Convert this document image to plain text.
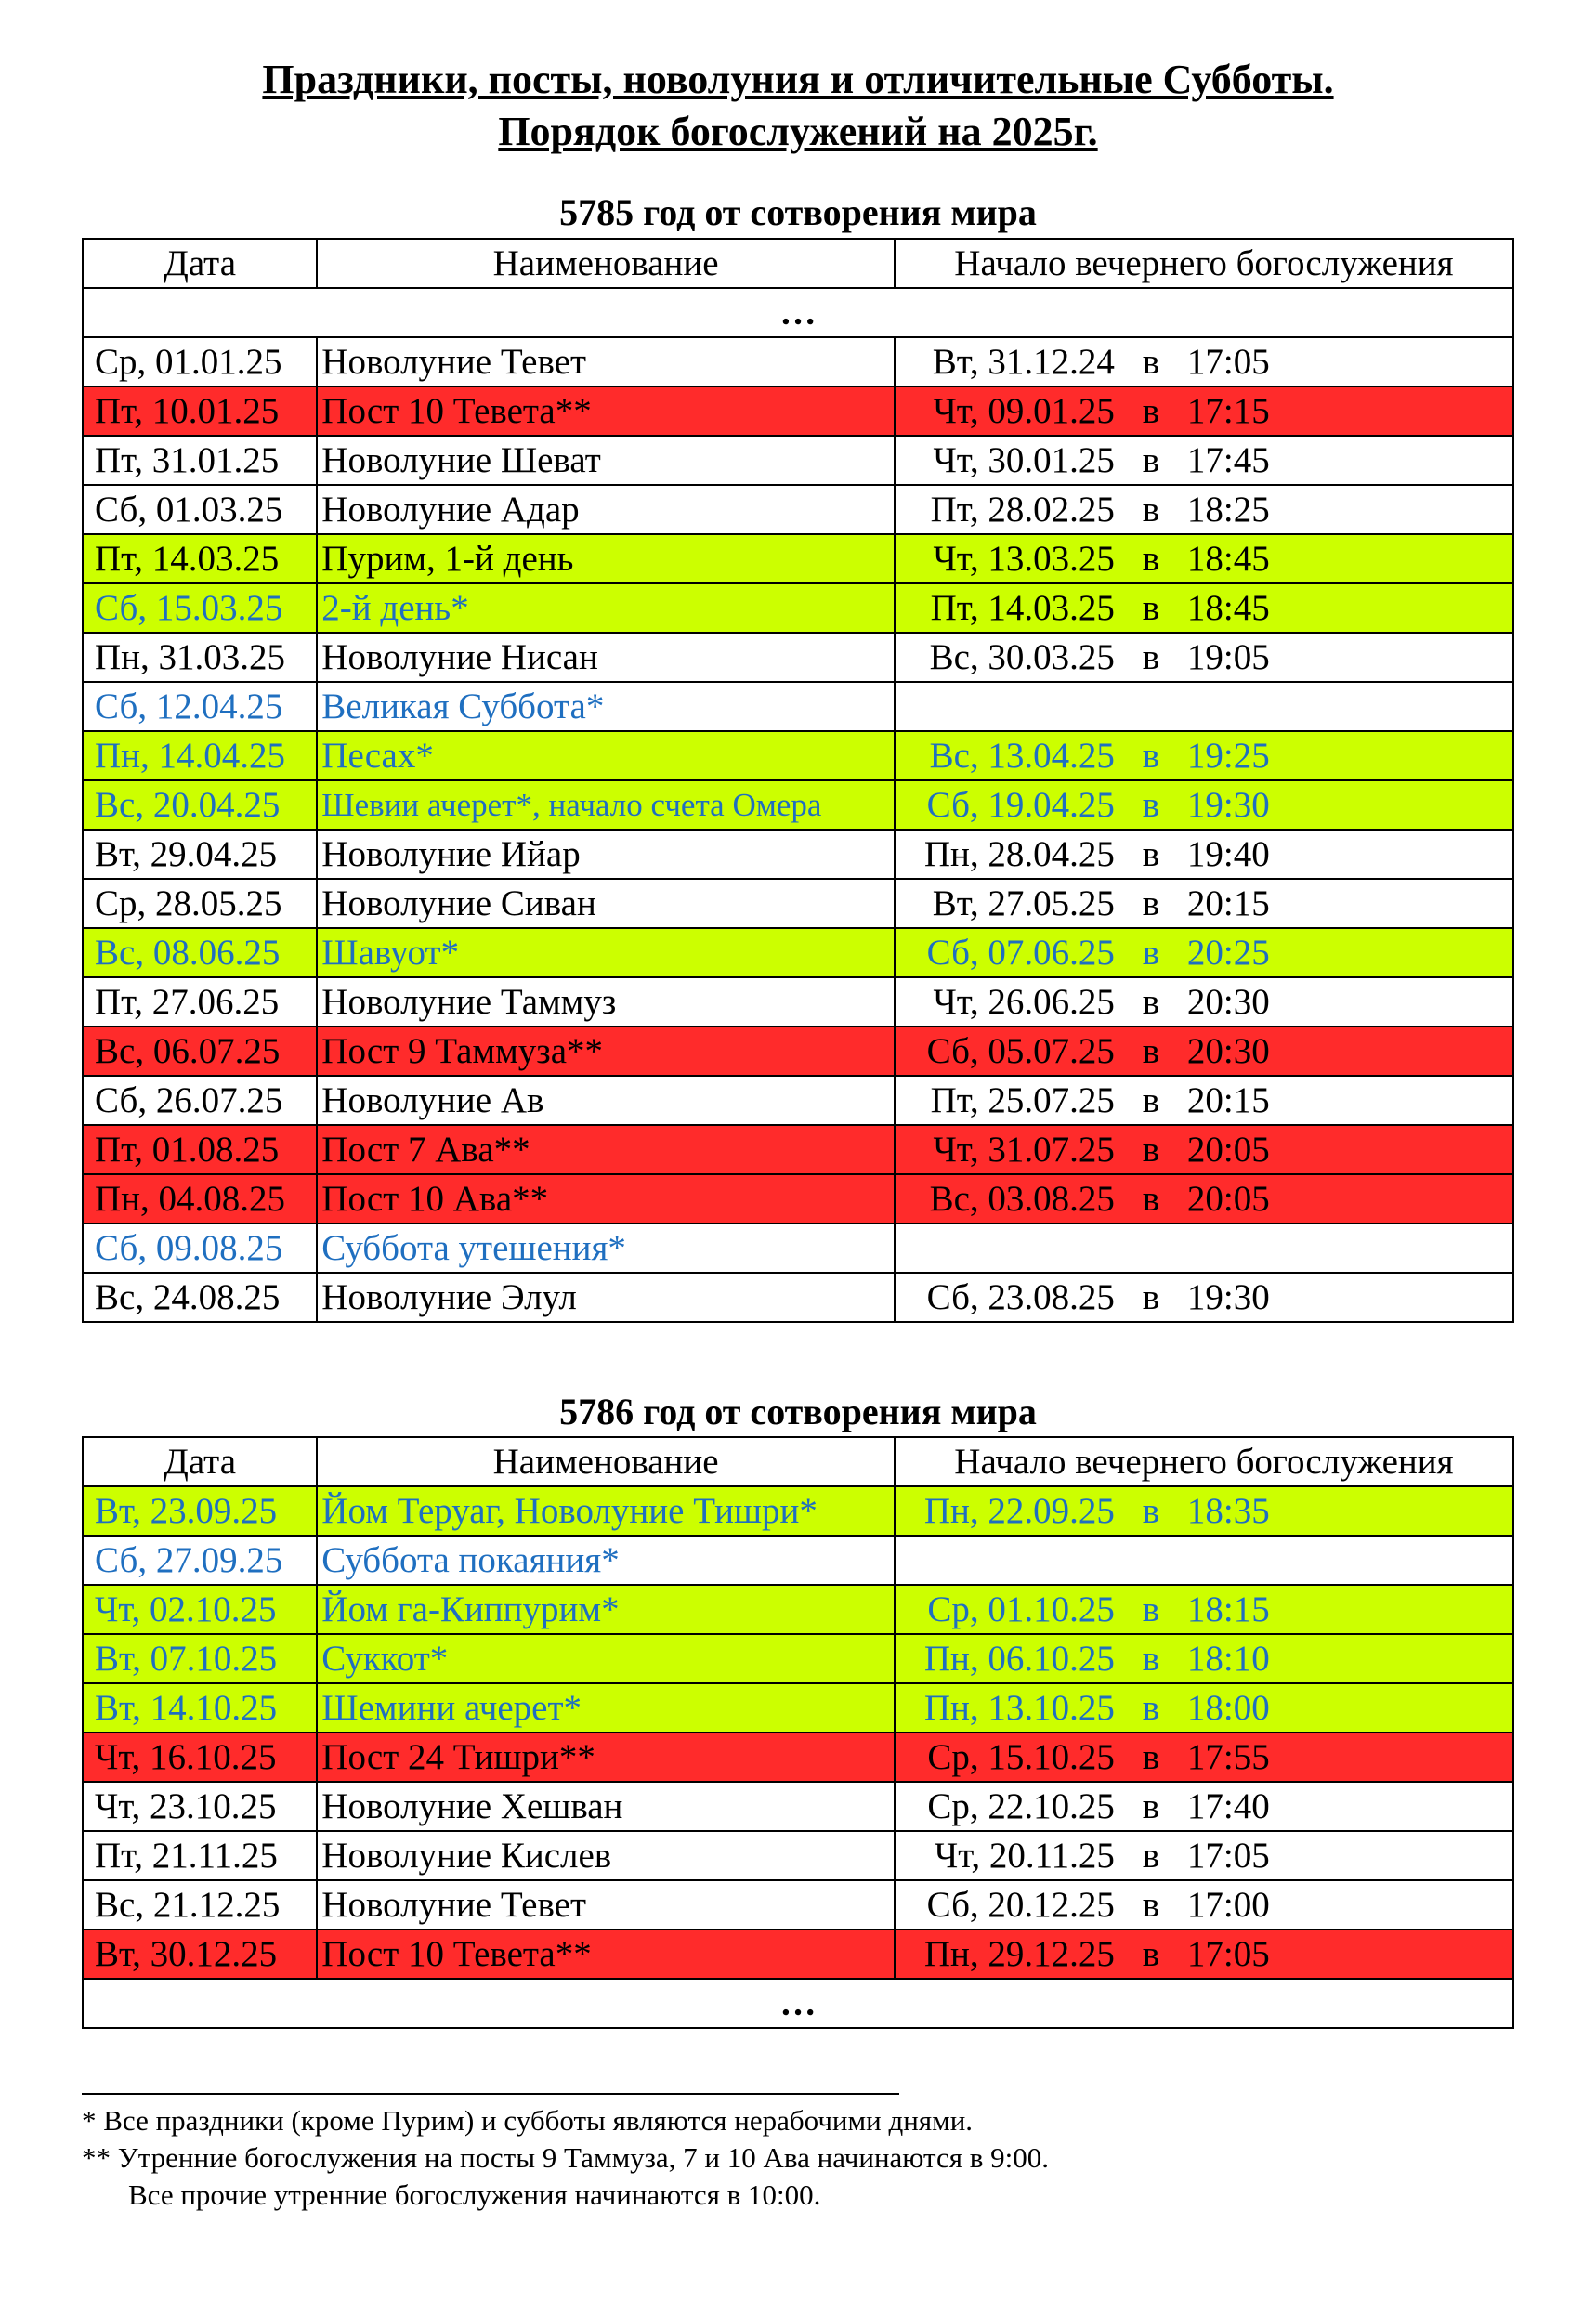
Праздники, посты, новолуния и отличительные Субботы.
Порядок богослужений на 2025г.
5785 год от сотворения мира
Дата	Наименование	Начало вечернего богослужения
…		
Ср, 01.01.25	Новолуние Тевет	Вт, 31.12.24 в 17:05
Пт, 10.01.25	Пост 10 Тевета**	Чт, 09.01.25 в 17:15
Пт, 31.01.25	Новолуние Шеват	Чт, 30.01.25 в 17:45
Сб, 01.03.25	Новолуние Адар	Пт, 28.02.25 в 18:25
Пт, 14.03.25	Пурим, 1-й день	Чт, 13.03.25 в 18:45
Сб, 15.03.25	2-й день*	Пт, 14.03.25 в 18:45
Пн, 31.03.25	Новолуние Нисан	Вс, 30.03.25 в 19:05
Сб, 12.04.25	Великая Суббота*	
Пн, 14.04.25	Песах*	Вс, 13.04.25 в 19:25
Вс, 20.04.25	Шевии ачерет*, начало счета Омера	Сб, 19.04.25 в 19:30
Вт, 29.04.25	Новолуние Ийар	Пн, 28.04.25 в 19:40
Ср, 28.05.25	Новолуние Сиван	Вт, 27.05.25 в 20:15
Вс, 08.06.25	Шавуот*	Сб, 07.06.25 в 20:25
Пт, 27.06.25	Новолуние Таммуз	Чт, 26.06.25 в 20:30
Вс, 06.07.25	Пост 9 Таммуза**	Сб, 05.07.25 в 20:30
Сб, 26.07.25	Новолуние Ав	Пт, 25.07.25 в 20:15
Пт, 01.08.25	Пост 7 Ава**	Чт, 31.07.25 в 20:05
Пн, 04.08.25	Пост 10 Ава**	Вс, 03.08.25 в 20:05
Сб, 09.08.25	Суббота утешения*	
Вс, 24.08.25	Новолуние Элул	Сб, 23.08.25 в 19:30
5786 год от сотворения мира
Дата	Наименование	Начало вечернего богослужения
Вт, 23.09.25	Йом Теруаг, Новолуние Тишри*	Пн, 22.09.25 в 18:35
Сб, 27.09.25	Суббота покаяния*	
Чт, 02.10.25	Йом га-Киппурим*	Ср, 01.10.25 в 18:15
Вт, 07.10.25	Суккот*	Пн, 06.10.25 в 18:10
Вт, 14.10.25	Шемини ачерет*	Пн, 13.10.25 в 18:00
Чт, 16.10.25	Пост 24 Тишри**	Ср, 15.10.25 в 17:55
Чт, 23.10.25	Новолуние Хешван	Ср, 22.10.25 в 17:40
Пт, 21.11.25	Новолуние Кислев	Чт, 20.11.25 в 17:05
Вс, 21.12.25	Новолуние Тевет	Сб, 20.12.25 в 17:00
Вт, 30.12.25	Пост 10 Тевета**	Пн, 29.12.25 в 17:05
…		
* Все праздники (кроме Пурим) и субботы являются нерабочими днями.
** Утренние богослужения на посты 9 Таммуза, 7 и 10 Ава начинаются в 9:00.
Все прочие утренние богослужения начинаются в 10:00.
